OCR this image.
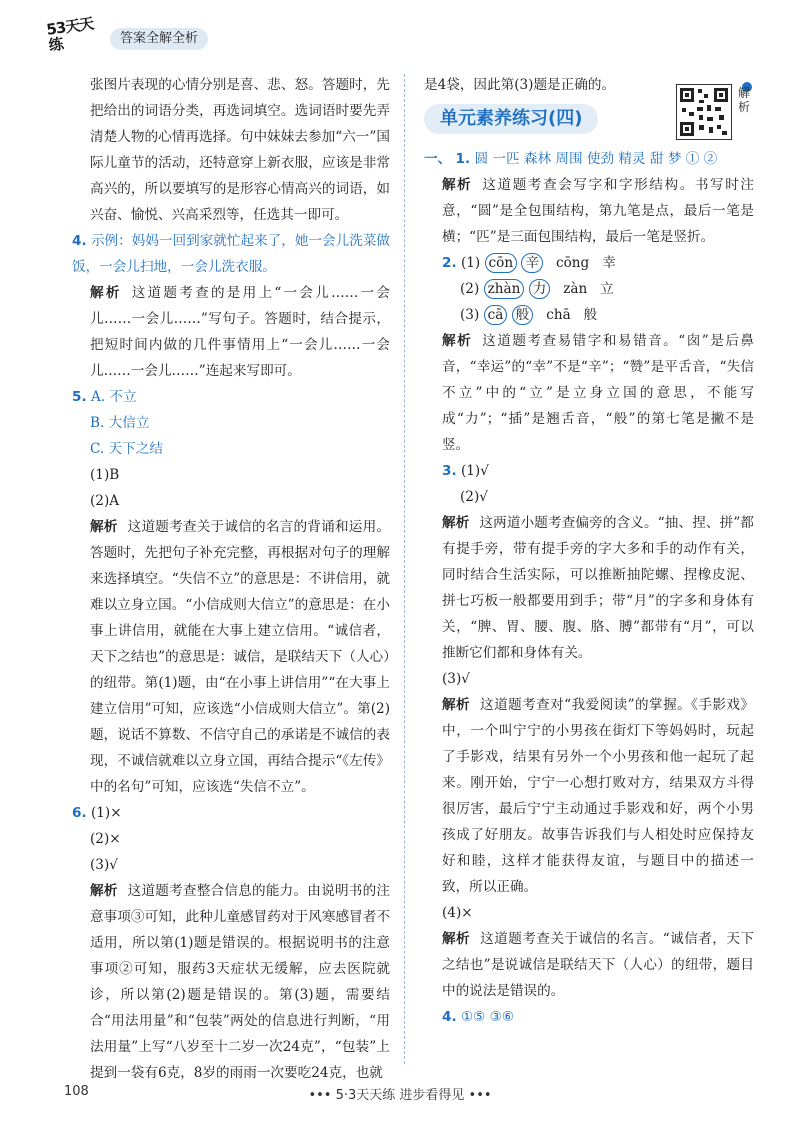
53天天练	答案全解全析

张图片表现的心情分别是喜、悲、怒。答题时，先把给出的词语分类，再选词填空。选词语时要先弄清楚人物的心情再选择。句中妹妹去参加“六一”国际儿童节的活动，还特意穿上新衣服，应该是非常高兴的，所以要填写的是形容心情高兴的词语，如兴奋、愉悦、兴高采烈等，任选其一即可。

4. 示例：妈妈一回到家就忙起来了，她一会儿洗菜做饭，一会儿扫地，一会儿洗衣服。

解析 这道题考查的是用上“一会儿……一会儿……一会儿……”写句子。答题时，结合提示，把短时间内做的几件事情用上“一会儿……一会儿……一会儿……”连起来写即可。

5. A. 不立
B. 大信立
C. 天下之结
(1)B
(2)A

解析 这道题考查关于诚信的名言的背诵和运用。答题时，先把句子补充完整，再根据对句子的理解来选择填空。“失信不立”的意思是：不讲信用，就难以立身立国。“小信成则大信立”的意思是：在小事上讲信用，就能在大事上建立信用。“诚信者，天下之结也”的意思是：诚信，是联结天下（人心）的纽带。第(1)题，由“在小事上讲信用”“在大事上建立信用”可知，应该选“小信成则大信立”。第(2)题，说话不算数、不信守自己的承诺是不诚信的表现，不诚信就难以立身立国，再结合提示“《左传》中的名句”可知，应该选“失信不立”。

6. (1)×
(2)×
(3)√

解析 这道题考查整合信息的能力。由说明书的注意事项③可知，此种儿童感冒药对于风寒感冒者不适用，所以第(1)题是错误的。根据说明书的注意事项②可知，服药3天症状无缓解，应去医院就诊，所以第(2)题是错误的。第(3)题，需要结合“用法用量”和“包装”两处的信息进行判断，“用法用量”上写“八岁至十二岁一次24克”，“包装”上提到一袋有6克，8岁的雨雨一次要吃24克，也就

是4袋，因此第(3)题是正确的。

单元素养练习(四)
解析
一、 1. 圆 一匹 森林 周围 使劲 精灵 甜 梦 ① ②

解析 这道题考查会写字和字形结构。书写时注意，“圆”是全包围结构，第九笔是点，最后一笔是横；“匹”是三面包围结构，最后一笔是竖折。

2. (1) cōn 辛 cōng 幸
(2) zhàn 力 zàn 立
(3) cā 般 chā 般

解析 这道题考查易错字和易错音。“囱”是后鼻音，“幸运”的“幸”不是“辛”；“赞”是平舌音，“失信不立”中的“立”是立身立国的意思，不能写成“力”；“插”是翘舌音，“般”的第七笔是撇不是竖。

3. (1)√
(2)√

解析 这两道小题考查偏旁的含义。“抽、捏、拼”都有提手旁，带有提手旁的字大多和手的动作有关，同时结合生活实际，可以推断抽陀螺、捏橡皮泥、拼七巧板一般都要用到手；带“月”的字多和身体有关，“脾、胃、腰、腹、胳、膊”都带有“月”，可以推断它们都和身体有关。

(3)√

解析 这道题考查对“我爱阅读”的掌握。《手影戏》中，一个叫宁宁的小男孩在街灯下等妈妈时，玩起了手影戏，结果有另外一个小男孩和他一起玩了起来。刚开始，宁宁一心想打败对方，结果双方斗得很厉害，最后宁宁主动通过手影戏和好，两个小男孩成了好朋友。故事告诉我们与人相处时应保持友好和睦，这样才能获得友谊，与题目中的描述一致，所以正确。

(4)×

解析 这道题考查关于诚信的名言。“诚信者，天下之结也”是说诚信是联结天下（人心）的纽带，题目中的说法是错误的。

4. ①⑤ ③⑥
108	••• 5·3天天练 进步看得见 •••
